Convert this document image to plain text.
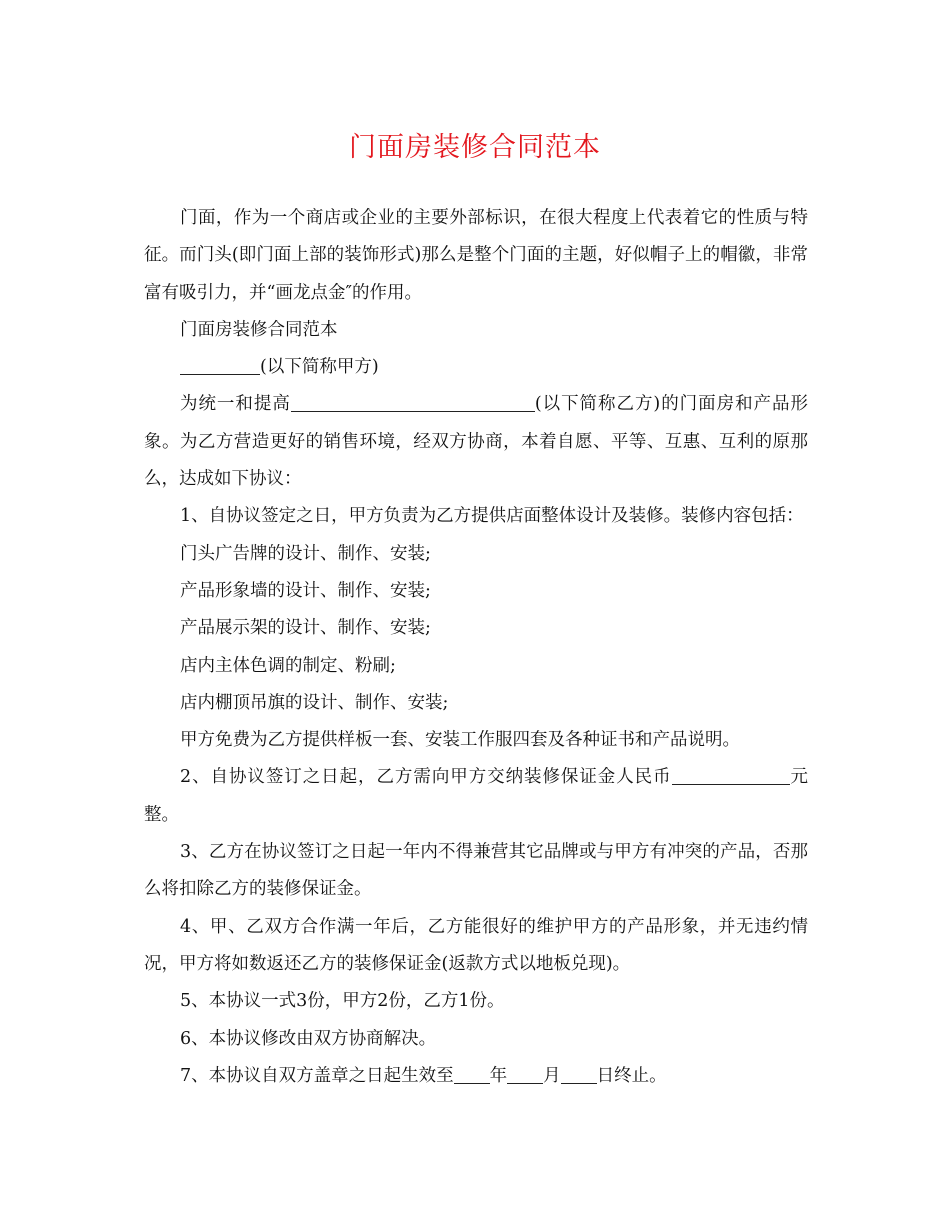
门面房装修合同范本

门面，作为一个商店或企业的主要外部标识，在很大程度上代表着它的性质与特征。而门头(即门面上部的装饰形式)那么是整个门面的主题，好似帽子上的帽徽，非常富有吸引力，并“画龙点金″的作用。

门面房装修合同范本

(以下简称甲方)

为统一和提高	(以下简称乙方)的门面房和产品形象。为乙方营造更好的销售环境，经双方协商，本着自愿、平等、互惠、互利的原那么，达成如下协议：

1、自协议签定之日，甲方负责为乙方提供店面整体设计及装修。装修内容包括：

门头广告牌的设计、制作、安装;

产品形象墙的设计、制作、安装;

产品展示架的设计、制作、安装;

店内主体色调的制定、粉刷;

店内棚顶吊旗的设计、制作、安装;

甲方免费为乙方提供样板一套、安装工作服四套及各种证书和产品说明。

2、自协议签订之日起，乙方需向甲方交纳装修保证金人民币	元整。

3、乙方在协议签订之日起一年内不得兼营其它品牌或与甲方有冲突的产品，否那么将扣除乙方的装修保证金。

4、甲、乙双方合作满一年后，乙方能很好的维护甲方的产品形象，并无违约情况，甲方将如数返还乙方的装修保证金(返款方式以地板兑现)。

5、本协议一式3份，甲方2份，乙方1份。

6、本协议修改由双方协商解决。

7、本协议自双方盖章之日起生效至 年 月 日终止。
